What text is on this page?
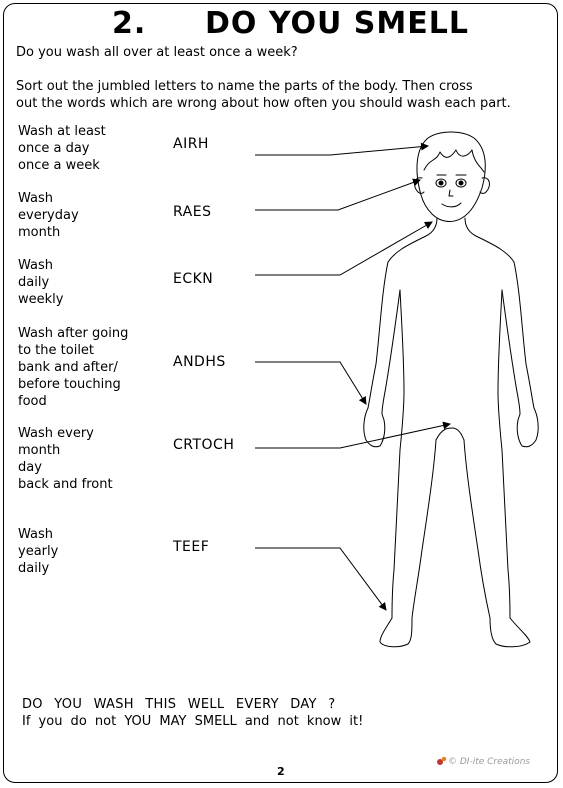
2. DO YOU SMELL
Do you wash all over at least once a week?
Sort out the jumbled letters to name the parts of the body. Then cross
out the words which are wrong about how often you should wash each part.
Wash at least
once a day
once a week
AIRH
Wash
everyday
month
RAES
Wash
daily
weekly
ECKN
Wash after going
to the toilet
bank and after/
before touching
food
ANDHS
Wash every
month
day
back and front
CRTOCH
Wash
yearly
daily
TEEF
DO YOU WASH THIS WELL EVERY DAY ?
If you do not YOU MAY SMELL and not know it!
2
© DI-ite Creations
